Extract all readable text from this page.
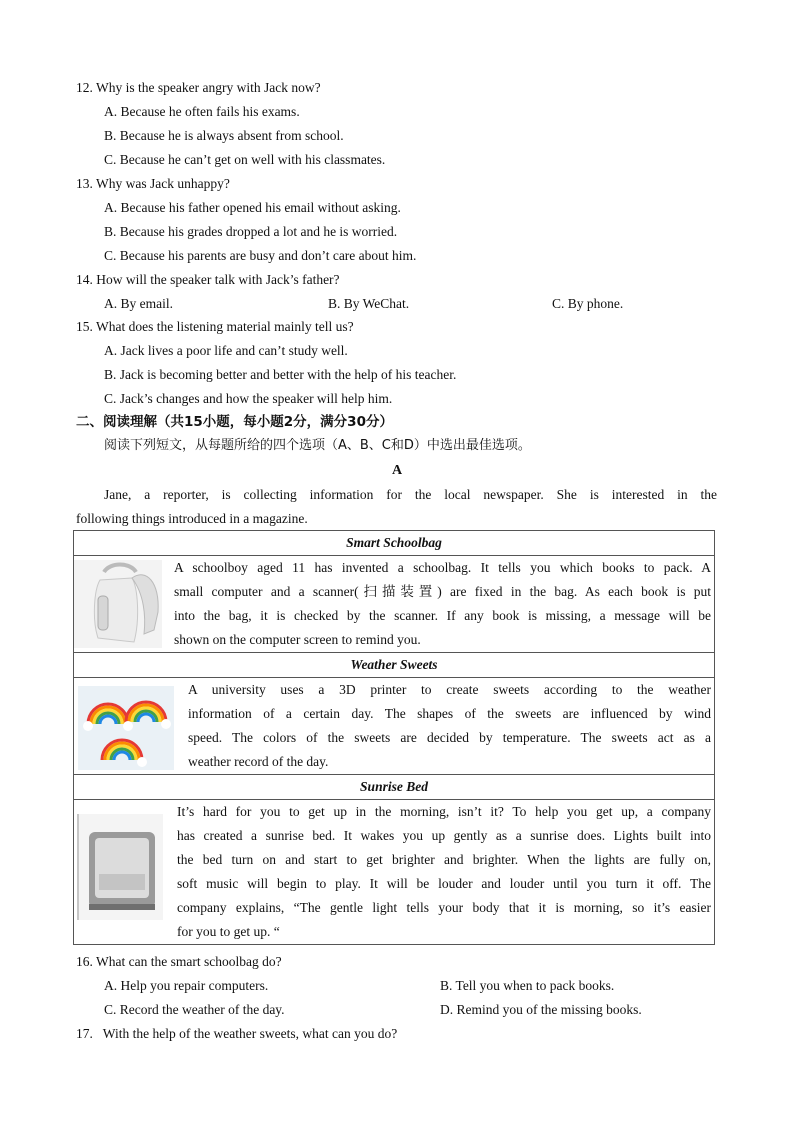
12. Why is the speaker angry with Jack now?
A. Because he often fails his exams.
B. Because he is always absent from school.
C. Because he can’t get on well with his classmates.
13. Why was Jack unhappy?
A. Because his father opened his email without asking.
B. Because his grades dropped a lot and he is worried.
C. Because his parents are busy and don’t care about him.
14. How will the speaker talk with Jack’s father?
A. By email.	B. By WeChat.	C. By phone.
15. What does the listening material mainly tell us?
A. Jack lives a poor life and can’t study well.
B. Jack is becoming better and better with the help of his teacher.
C. Jack’s changes and how the speaker will help him.
二、阅读理解（共15小题，每小题2分，满分30分）
阅读下列短文，从每题所给的四个选项（A、B、C和D）中选出最佳选项。
A
Jane, a reporter, is collecting information for the local newspaper. She is interested in the
following things introduced in a magazine.
Smart Schoolbag
A schoolboy aged 11 has invented a schoolbag. It tells you which books to pack. A
small computer and a scanner(扫描装置) are fixed in the bag. As each book is put
into the bag, it is checked by the scanner. If any book is missing, a message will be
shown on the computer screen to remind you.

Weather Sweets
A university uses a 3D printer to create sweets according to the weather
information of a certain day. The shapes of the sweets are influenced by wind
speed. The colors of the sweets are decided by temperature. The sweets act as a
weather record of the day.

Sunrise Bed
It’s hard for you to get up in the morning, isn’t it? To help you get up, a company
has created a sunrise bed. It wakes you up gently as a sunrise does. Lights built into
the bed turn on and start to get brighter and brighter. When the lights are fully on,
soft music will begin to play. It will be louder and louder until you turn it off. The
company explains, “The gentle light tells your body that it is morning, so it’s easier
for you to get up. “
16. What can the smart schoolbag do?
A. Help you repair computers.	B. Tell you when to pack books.
C. Record the weather of the day.	D. Remind you of the missing books.
17.   With the help of the weather sweets, what can you do?
